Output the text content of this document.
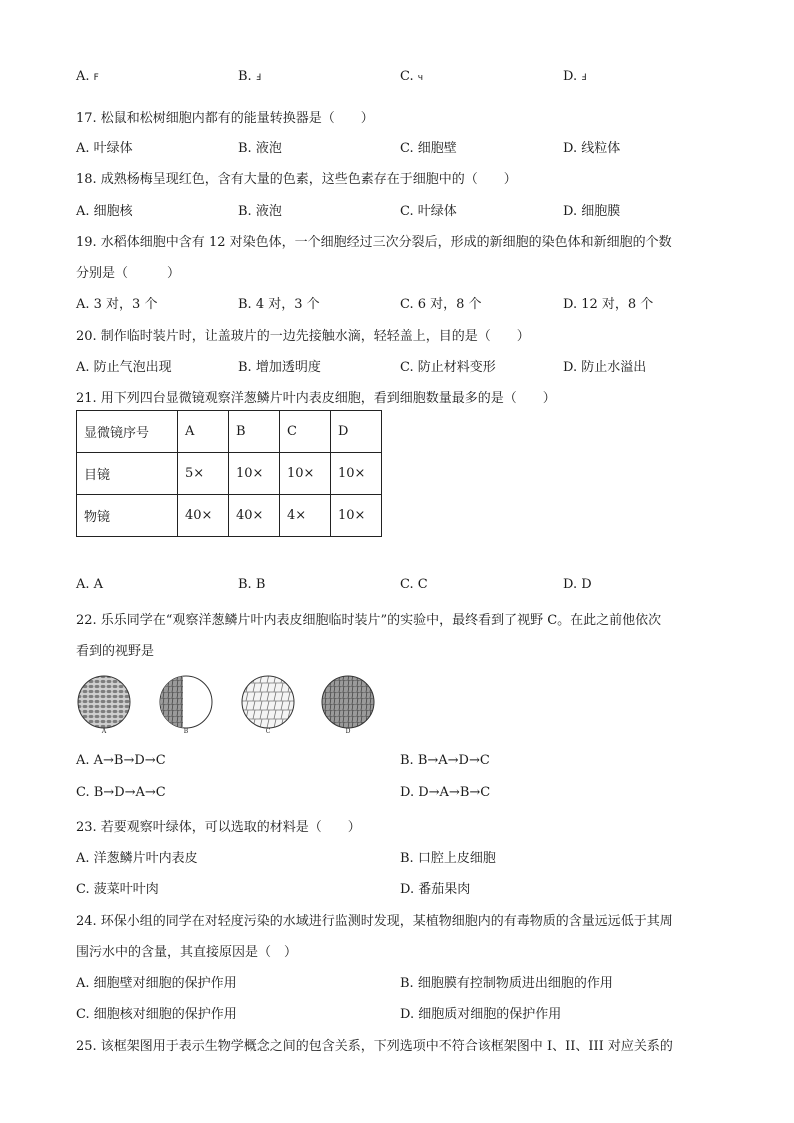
A. F	B. Ⅎ	C. ч	D. Ⅎ
17. 松鼠和松树细胞内都有的能量转换器是（　　）
A. 叶绿体	B. 液泡	C. 细胞壁	D. 线粒体
18. 成熟杨梅呈现红色，含有大量的色素，这些色素存在于细胞中的（　　）
A. 细胞核	B. 液泡	C. 叶绿体	D. 细胞膜
19. 水稻体细胞中含有 12 对染色体，一个细胞经过三次分裂后，形成的新细胞的染色体和新细胞的个数
分别是（　　　）
A. 3 对，3 个	B. 4 对，3 个	C. 6 对，8 个	D. 12 对，8 个
20. 制作临时装片时，让盖玻片的一边先接触水滴，轻轻盖上，目的是（　　）
A. 防止气泡出现	B. 增加透明度	C. 防止材料变形	D. 防止水溢出
21. 用下列四台显微镜观察洋葱鳞片叶内表皮细胞，看到细胞数量最多的是（　　）
显微镜序号	A	B	C	D
目镜	5×	10×	10×	10×
物镜	40×	40×	4×	10×
A. A	B. B	C. C	D. D
22. 乐乐同学在“观察洋葱鳞片叶内表皮细胞临时装片”的实验中，最终看到了视野 C。在此之前他依次
看到的视野是
A	B	C	D
A. A→B→D→C	B. B→A→D→C
C. B→D→A→C	D. D→A→B→C
23. 若要观察叶绿体，可以选取的材料是（　　）
A. 洋葱鳞片叶内表皮	B. 口腔上皮细胞
C. 菠菜叶叶肉	D. 番茄果肉
24. 环保小组的同学在对轻度污染的水域进行监测时发现，某植物细胞内的有毒物质的含量远远低于其周
围污水中的含量，其直接原因是（　）
A. 细胞壁对细胞的保护作用	B. 细胞膜有控制物质进出细胞的作用
C. 细胞核对细胞的保护作用	D. 细胞质对细胞的保护作用
25. 该框架图用于表示生物学概念之间的包含关系，下列选项中不符合该框架图中 I、II、III 对应关系的
